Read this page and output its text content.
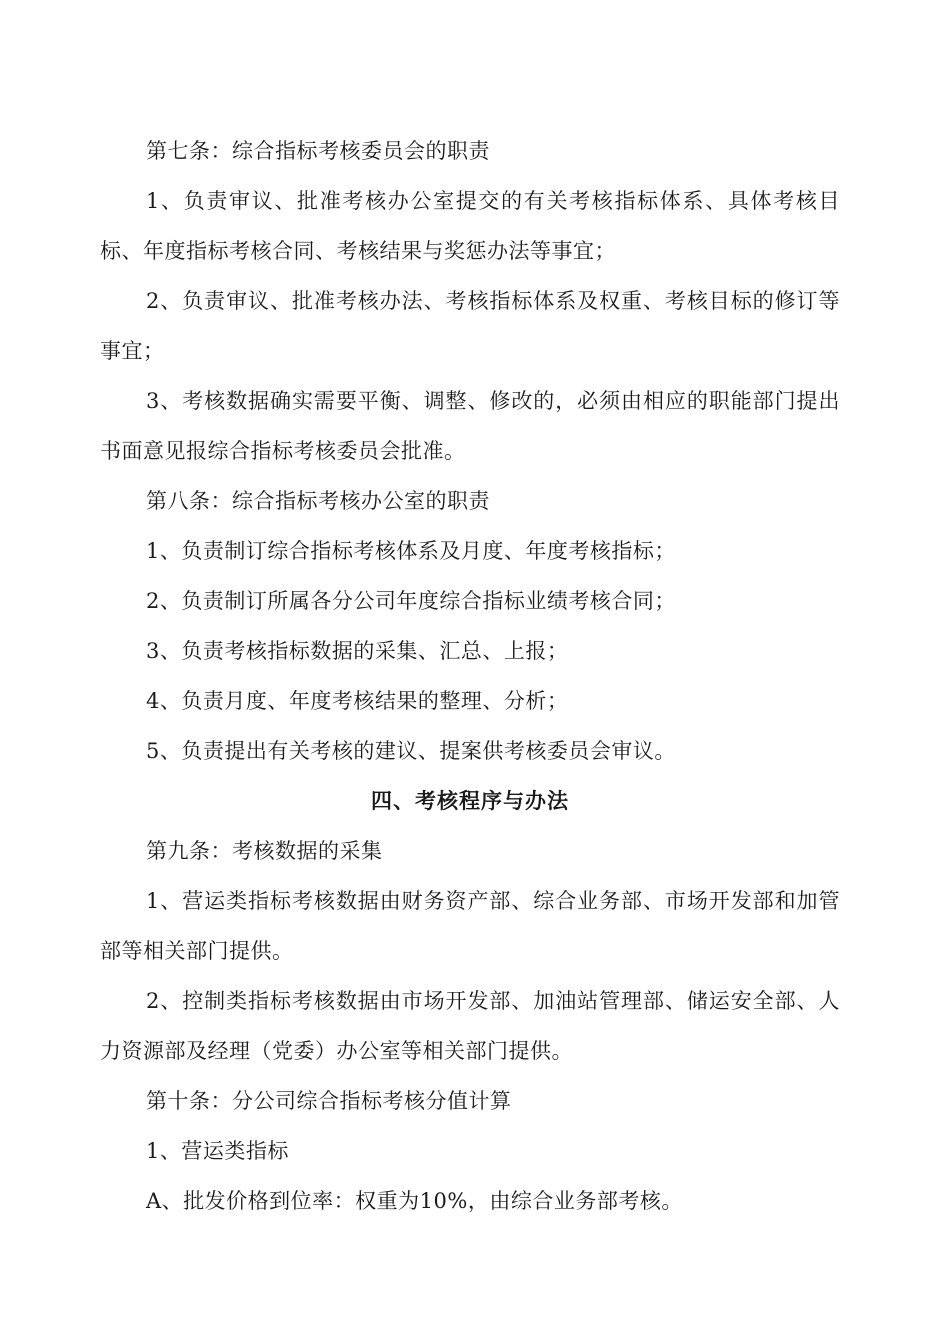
第七条：综合指标考核委员会的职责

1、负责审议、批准考核办公室提交的有关考核指标体系、具体考核目标、年度指标考核合同、考核结果与奖惩办法等事宜；

2、负责审议、批准考核办法、考核指标体系及权重、考核目标的修订等事宜；

3、考核数据确实需要平衡、调整、修改的，必须由相应的职能部门提出书面意见报综合指标考核委员会批准。

第八条：综合指标考核办公室的职责

1、负责制订综合指标考核体系及月度、年度考核指标；

2、负责制订所属各分公司年度综合指标业绩考核合同；

3、负责考核指标数据的采集、汇总、上报；

4、负责月度、年度考核结果的整理、分析；

5、负责提出有关考核的建议、提案供考核委员会审议。

四、考核程序与办法

第九条：考核数据的采集

1、营运类指标考核数据由财务资产部、综合业务部、市场开发部和加管部等相关部门提供。

2、控制类指标考核数据由市场开发部、加油站管理部、储运安全部、人力资源部及经理（党委）办公室等相关部门提供。

第十条：分公司综合指标考核分值计算

1、营运类指标

A、批发价格到位率：权重为10%，由综合业务部考核。
